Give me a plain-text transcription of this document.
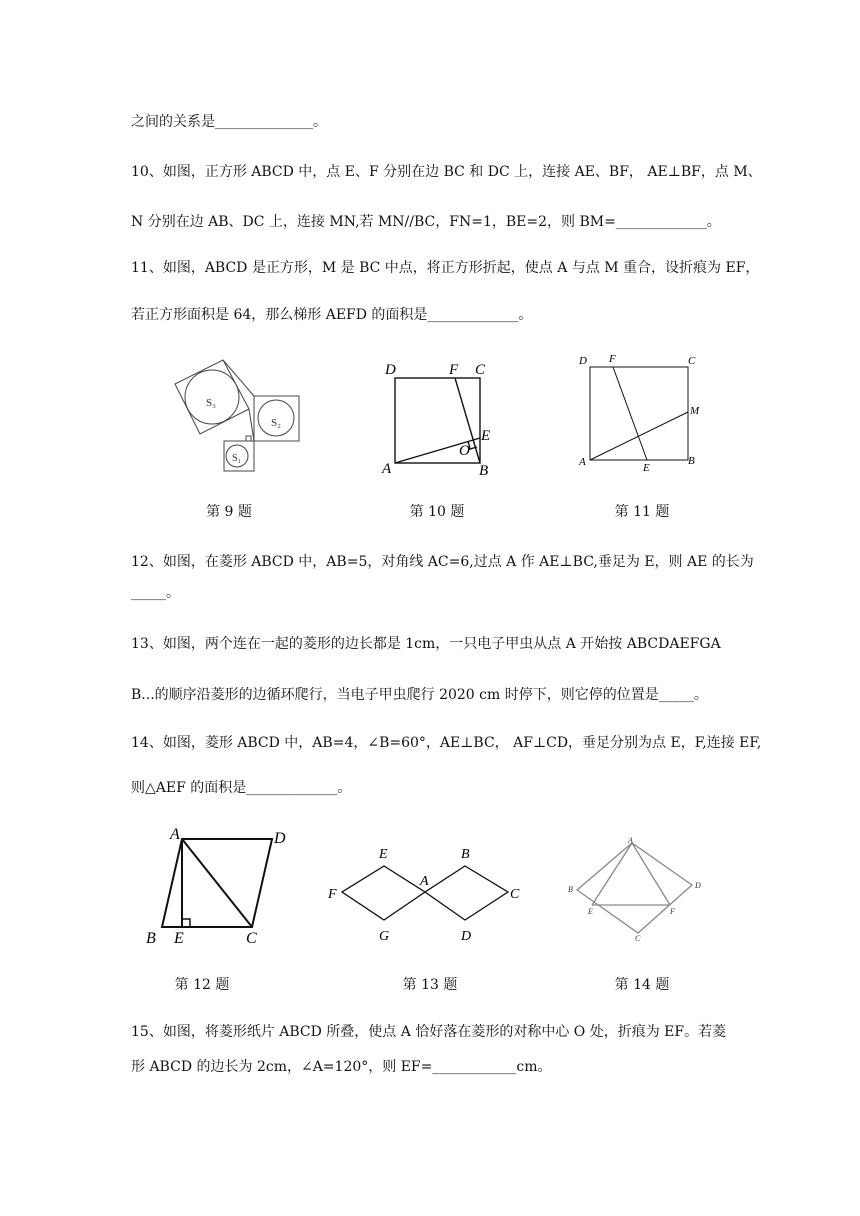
之间的关系是______________。
10、如图，正方形 ABCD 中，点 E、F 分别在边 BC 和 DC 上，连接 AE、BF， AE⊥BF，点 M、
N 分别在边 AB、DC 上，连接 MN,若 MN//BC，FN=1，BE=2，则 BM=_____________。
11、如图，ABCD 是正方形，M 是 BC 中点，将正方形折起，使点 A 与点 M 重合，设折痕为 EF，
若正方形面积是 64，那么梯形 AEFD 的面积是_____________。
S₃
S₂
S₁
D	F C
E
O
A	B
D F	C
M
A	E
B
第 9 题	第 10 题	第 11 题
12、如图，在菱形 ABCD 中，AB=5，对角线 AC=6,过点 A 作 AE⊥BC,垂足为 E，则 AE 的长为
_____。
13、如图，两个连在一起的菱形的边长都是 1cm，一只电子甲虫从点 A 开始按 ABCDAEFGA
B...的顺序沿菱形的边循环爬行，当电子甲虫爬行 2020 cm 时停下，则它停的位置是_____。
14、如图，菱形 ABCD 中，AB=4，∠B=60°，AE⊥BC， AF⊥CD，垂足分别为点 E，F,连接 EF,
则△AEF 的面积是_____________。
A	D
B E	C
E	B
F
A
C
G	D
A
B	D
E	F
C
第 12 题	第 13 题	第 14 题
15、如图，将菱形纸片 ABCD 所叠，使点 A 恰好落在菱形的对称中心 O 处，折痕为 EF。若菱
形 ABCD 的边长为 2cm，∠A=120°，则 EF=____________cm。
